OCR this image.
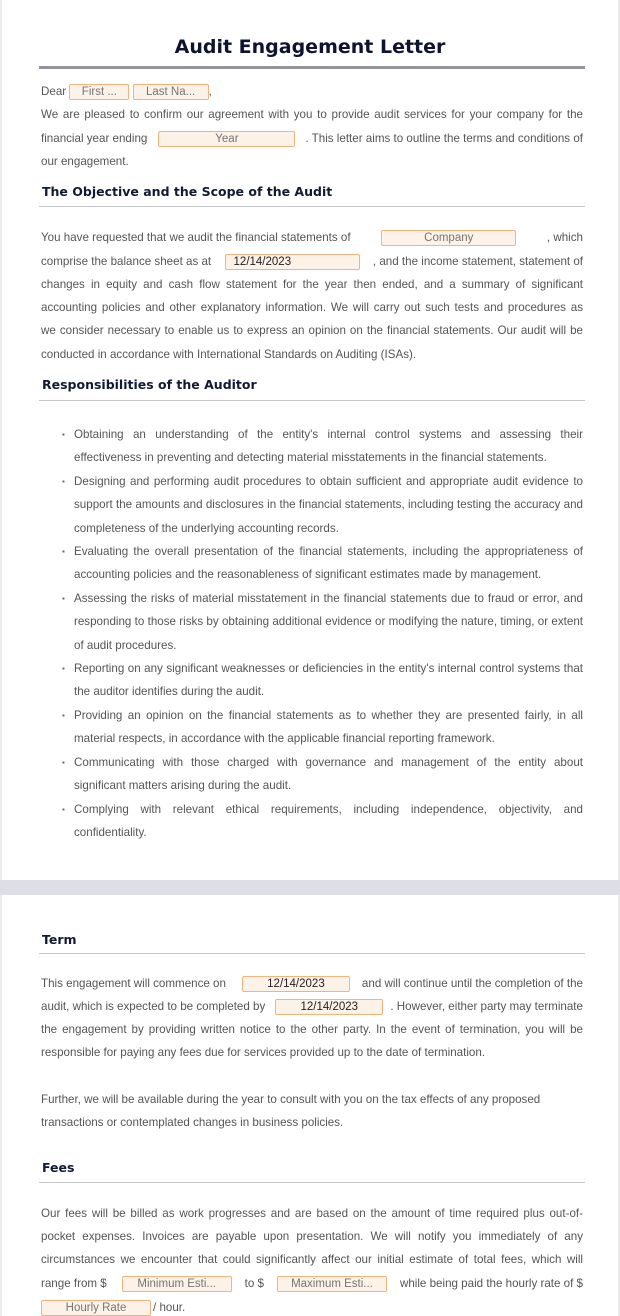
Audit Engagement Letter
Dear First ... Last Na...	,
We are pleased to confirm our agreement with you to provide audit services for your company for the
financial year ending
Year	. This letter aims to outline the terms and conditions of
our engagement.
The Objective and the Scope of the Audit
You have requested that we audit the financial statements of
Company	, which
comprise the balance sheet as at	12/14/2023	, and the income statement, statement of
changes in equity and cash flow statement for the year then ended, and a summary of significant
accounting policies and other explanatory information. We will carry out such tests and procedures as
we consider necessary to enable us to express an opinion on the financial statements. Our audit will be
conducted in accordance with International Standards on Auditing (ISAs).
Responsibilities of the Auditor
▪ Obtaining an understanding of the entity's internal control systems and assessing their effectiveness in preventing and detecting material misstatements in the financial statements.
▪ Designing and performing audit procedures to obtain sufficient and appropriate audit evidence to support the amounts and disclosures in the financial statements, including testing the accuracy and completeness of the underlying accounting records.
▪ Evaluating the overall presentation of the financial statements, including the appropriateness of accounting policies and the reasonableness of significant estimates made by management.
▪ Assessing the risks of material misstatement in the financial statements due to fraud or error, and responding to those risks by obtaining additional evidence or modifying the nature, timing, or extent of audit procedures.
▪ Reporting on any significant weaknesses or deficiencies in the entity's internal control systems that the auditor identifies during the audit.
▪ Providing an opinion on the financial statements as to whether they are presented fairly, in all material respects, in accordance with the applicable financial reporting framework.
▪ Communicating with those charged with governance and management of the entity about significant matters arising during the audit.
▪ Complying with relevant ethical requirements, including independence, objectivity, and confidentiality.
Term
This engagement will commence on	12/14/2023	and will continue until the completion of the
audit, which is expected to be completed by	12/14/2023	. However, either party may terminate
the engagement by providing written notice to the other party. In the event of termination, you will be
responsible for paying any fees due for services provided up to the date of termination.
Further, we will be available during the year to consult with you on the tax effects of any proposed
transactions or contemplated changes in business policies.
Fees
Our fees will be billed as work progresses and are based on the amount of time required plus out-of-
pocket expenses. Invoices are payable upon presentation. We will notify you immediately of any
circumstances we encounter that could significantly affect our initial estimate of total fees, which will
range from $
Minimum Esti...	to $
Maximum Esti...	while being paid the hourly rate of $
Hourly Rate
/ hour.
